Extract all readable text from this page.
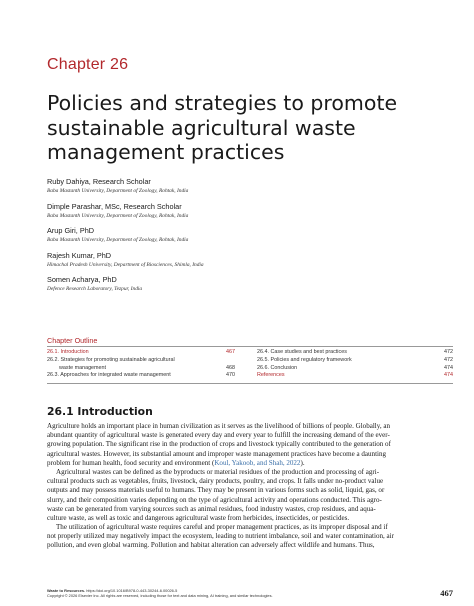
Chapter 26
Policies and strategies to promote
sustainable agricultural waste
management practices
Ruby Dahiya, Research Scholar
Baba Mastanth University, Department of Zoology, Rohtak, India
Dimple Parashar, MSc, Research Scholar
Baba Mastanth University, Department of Zoology, Rohtak, India
Arup Giri, PhD
Baba Mastanth University, Department of Zoology, Rohtak, India
Rajesh Kumar, PhD
Himachal Pradesh University, Department of Biosciences, Shimla, India
Somen Acharya, PhD
Defence Research Laboratory, Tezpur, India
Chapter Outline
26.1. Introduction	467
26.2. Strategies for promoting sustainable agricultural
waste management	468
26.3. Approaches for integrated waste management	470
26.4. Case studies and best practices	472
26.5. Policies and regulatory framework	472
26.6. Conclusion	474
References	474
26.1 Introduction
Agriculture holds an important place in human civilization as it serves as the livelihood of billions of people. Globally, an
abundant quantity of agricultural waste is generated every day and every year to fulfill the increasing demand of the ever-
growing population. The significant rise in the production of crops and livestock typically contributed to the generation of
agricultural wastes. However, its substantial amount and improper waste management practices have become a daunting
problem for human health, food security and environment (Koul, Yakoob, and Shah, 2022).
Agricultural wastes can be defined as the byproducts or material residues of the production and processing of agri-
cultural products such as vegetables, fruits, livestock, dairy products, poultry, and crops. It falls under no-product value
outputs and may possess materials useful to humans. They may be present in various forms such as solid, liquid, gas, or
slurry, and their composition varies depending on the type of agricultural activity and operations conducted. This agro-
waste can be generated from varying sources such as animal residues, food industry wastes, crop residues, and aqua-
culture waste, as well as toxic and dangerous agricultural waste from herbicides, insecticides, or pesticides.
The utilization of agricultural waste requires careful and proper management practices, as its improper disposal and if
not properly utilized may negatively impact the ecosystem, leading to nutrient imbalance, soil and water contamination, air
pollution, and even global warming. Pollution and habitat alteration can adversely affect wildlife and humans. Thus,
Waste to Resources. https://doi.org/10.1016/B978-0-443-30244-6.00026-5
Copyright © 2026 Elsevier Inc. All rights are reserved, including those for text and data mining, AI training, and similar technologies.	467
